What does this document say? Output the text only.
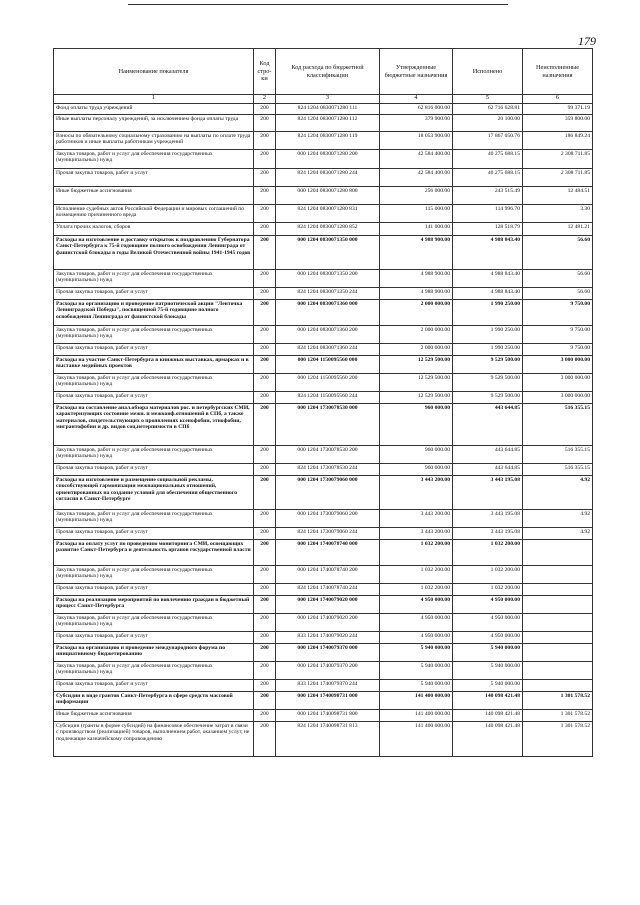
179
Наименование показателя	Код стро-ки	Код расхода по бюджетной классификации	Утвержденные бюджетные назначения	Исполнено	Неисполненные назначения
1	2	3	4	5	6
Фонд оплаты труда учреждений	200	824 1204 0830071280 111	62 816 000.00	62 716 628.81	99 371.19
Иные выплаты персоналу учреждений, за исключением фонда оплаты труда	200	824 1204 0830071280 112	379 900.00	20 100.00	359 800.00
Взносы по обязательному социальному страхованию на выплаты по оплате труда работников и иные выплаты работникам учреждений	200	824 1204 0830071280 119	18 053 900.00	17 867 050.76	186 849.24
Закупка товаров, работ и услуг для обеспечения государственных (муниципальных) нужд	200	000 1204 0830071280 200	42 584 400.00	40 275 688.15	2 308 711.85
Прочая закупка товаров, работ и услуг	200	824 1204 0830071280 244	42 584 400.00	40 275 688.15	2 308 711.85
Иные бюджетные ассигнования	200	000 1204 0830071280 800	256 000.00	243 515.49	12 484.51
Исполнение судебных актов Российской Федерации и мировых соглашений по возмещению причиненного вреда	200	824 1204 0830071280 831	115 000.00	114 996.70	3.30
Уплата прочих налогов, сборов	200	824 1204 0830071280 852	141 000.00	128 518.79	12 481.21
Расходы на изготовление и доставку открыток к поздравлению Губернатора Санкт-Петербурга к 75-й годовщине полного освобождения Ленинграда от фашистской блокады в годы Великой Отечественной войны 1941-1945 годов	200	000 1204 0830071350 000	4 988 900.00	4 988 843.40	56.60
Закупка товаров, работ и услуг для обеспечения государственных (муниципальных) нужд	200	000 1204 0830071350 200	4 988 900.00	4 988 843.40	56.60
Прочая закупка товаров, работ и услуг	200	824 1204 0830071350 244	4 988 900.00	4 988 843.40	56.60
Расходы на организацию и проведение патриотической акции "Ленточка Ленинградской Победы", посвященной 75-й годовщине полного освобождения Ленинграда от фашистской блокады	200	000 1204 0830071360 000	2 000 000.00	1 990 250.00	9 750.00
Закупка товаров, работ и услуг для обеспечения государственных (муниципальных) нужд	200	000 1204 0830071360 200	2 000 000.00	1 990 250.00	9 750.00
Прочая закупка товаров, работ и услуг	200	824 1204 0830071360 244	2 000 000.00	1 990 250.00	9 750.00
Расходы на участие Санкт-Петербурга в книжных выставках, ярмарках и в выставке медийных проектов	200	000 1204 1150095560 000	12 529 500.00	9 529 500.00	3 000 000.00
Закупка товаров, работ и услуг для обеспечения государственных (муниципальных) нужд	200	000 1204 1150095560 200	12 529 500.00	9 529 500.00	3 000 000.00
Прочая закупка товаров, работ и услуг	200	824 1204 1150095560 244	12 529 500.00	9 529 500.00	3 000 000.00
Расходы на составление анал.обзора материалов рос. и петербургских СМИ, характеризующих состояние межн. и межконф.отношений в СПб, а также материалов, свидетельствующих о проявлениях ксенофобии, этнофобии, мигрантофобии и др. видов соц.нетерпимости в СПб	200	000 1204 1730078530 000	960 000.00	443 644.85	516 355.15
Закупка товаров, работ и услуг для обеспечения государственных (муниципальных) нужд	200	000 1204 1730078530 200	960 000.00	443 644.85	516 355.15
Прочая закупка товаров, работ и услуг	200	824 1204 1730078530 244	960 000.00	443 644.85	516 355.15
Расходы на изготовление и размещение социальной рекламы, способствующей гармонизации межнациональных отношений, ориентированных на создание условий для обеспечения общественного согласия в Санкт-Петербурге	200	000 1204 1730079060 000	3 443 200.00	3 443 195.08	4.92
Закупка товаров, работ и услуг для обеспечения государственных (муниципальных) нужд	200	000 1204 1730079060 200	3 443 200.00	3 443 195.08	4.92
Прочая закупка товаров, работ и услуг	200	824 1204 1730079060 244	3 443 200.00	3 443 195.08	4.92
Расходы на оплату услуг по проведению мониторинга СМИ, освещающих развитие Санкт-Петербурга и деятельность органов государственной власти	200	000 1204 1740078740 000	1 032 200.00	1 032 200.00	
Закупка товаров, работ и услуг для обеспечения государственных (муниципальных) нужд	200	000 1204 1740078740 200	1 032 200.00	1 032 200.00	
Прочая закупка товаров, работ и услуг	200	824 1204 1740078740 244	1 032 200.00	1 032 200.00	
Расходы на реализацию мероприятий по вовлечению граждан в бюджетный процесс Санкт-Петербурга	200	000 1204 1740079020 000	4 950 000.00	4 950 000.00	
Закупка товаров, работ и услуг для обеспечения государственных (муниципальных) нужд	200	000 1204 1740079020 200	4 950 000.00	4 950 000.00	
Прочая закупка товаров, работ и услуг	200	833 1204 1740079020 244	4 950 000.00	4 950 000.00	
Расходы на организацию и проведение международного форума по инициативному бюджетированию	200	000 1204 1740079370 000	5 940 000.00	5 940 000.00	
Закупка товаров, работ и услуг для обеспечения государственных (муниципальных) нужд	200	000 1204 1740079370 200	5 940 000.00	5 940 000.00	
Прочая закупка товаров, работ и услуг	200	833 1204 1740079370 244	5 940 000.00	5 940 000.00	
Субсидии в виде грантов Санкт-Петербурга в сфере средств массовой информации	200	000 1204 1740098731 000	141 400 000.00	140 098 421.48	1 301 578.52
Иные бюджетные ассигнования	200	000 1204 1740098731 800	141 400 000.00	140 098 421.48	1 301 578.52
Субсидии (гранты в форме субсидий) на финансовое обеспечение затрат в связи с производством (реализацией) товаров, выполнением работ, оказанием услуг, не подлежащие казначейскому сопровождению	200	824 1204 1740098731 813	141 400 000.00	140 098 421.48	1 301 578.52
